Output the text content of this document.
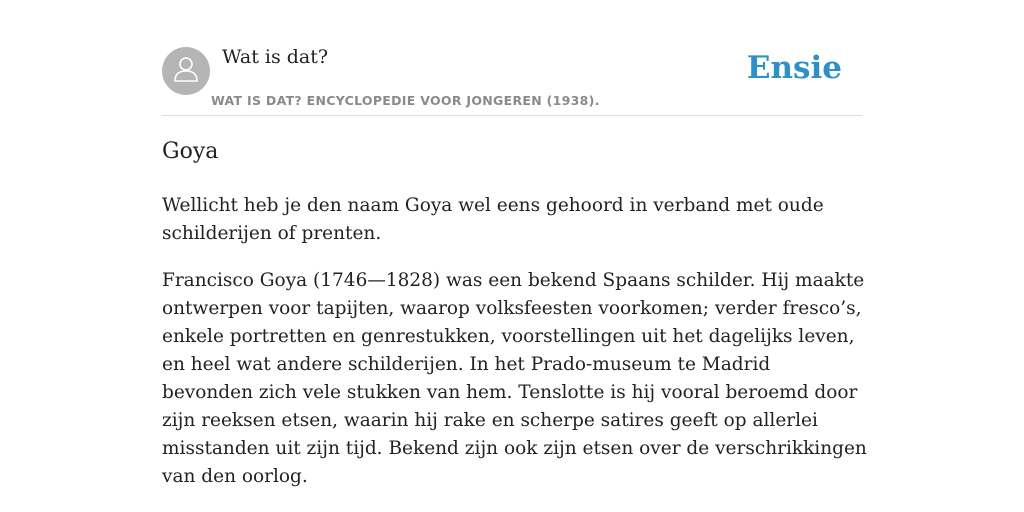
Wat is dat?
WAT IS DAT? ENCYCLOPEDIE VOOR JONGEREN (1938).
Ensie
Goya

Wellicht heb je den naam Goya wel eens gehoord in verband met oude schilderijen of prenten.

Francisco Goya (1746—1828) was een bekend Spaans schilder. Hij maakte ontwerpen voor tapijten, waarop volksfeesten voorkomen; verder fresco’s, enkele portretten en genrestukken, voorstellingen uit het dagelijks leven, en heel wat andere schilderijen. In het Prado-museum te Madrid bevonden zich vele stukken van hem. Tenslotte is hij vooral beroemd door zijn reeksen etsen, waarin hij rake en scherpe satires geeft op allerlei misstanden uit zijn tijd. Bekend zijn ook zijn etsen over de verschrikkingen van den oorlog.
